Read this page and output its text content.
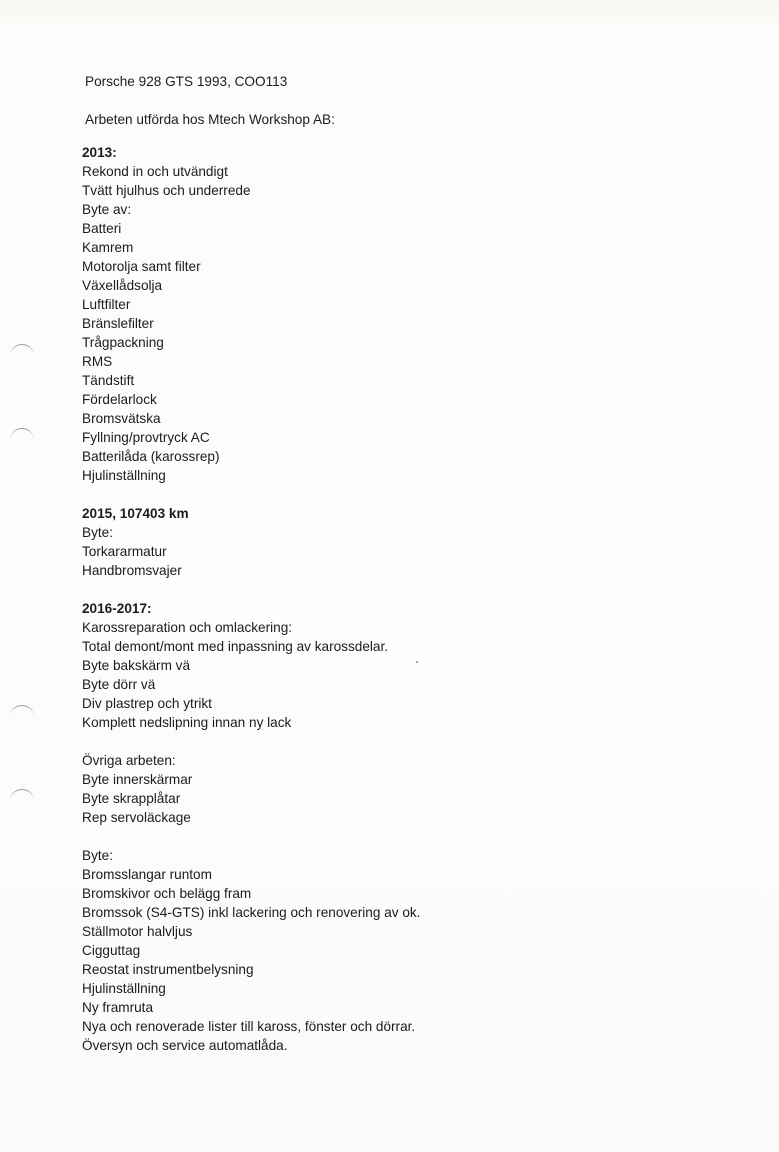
Porsche 928 GTS 1993, COO113
Arbeten utförda hos Mtech Workshop AB:
2013:
Rekond in och utvändigt
Tvätt hjulhus och underrede
Byte av:
Batteri
Kamrem
Motorolja samt filter
Växellådsolja
Luftfilter
Bränslefilter
Trågpackning
RMS
Tändstift
Fördelarlock
Bromsvätska
Fyllning/provtryck AC
Batterilåda (karossrep)
Hjulinställning
2015, 107403 km
Byte:
Torkararmatur
Handbromsvajer
2016-2017:
Karossreparation och omlackering:
Total demont/mont med inpassning av karossdelar.
Byte bakskärm vä
Byte dörr vä
Div plastrep och ytrikt
Komplett nedslipning innan ny lack
Övriga arbeten:
Byte innerskärmar
Byte skrapplåtar
Rep servoläckage
Byte:
Bromsslangar runtom
Bromskivor och belägg fram
Bromssok (S4-GTS) inkl lackering och renovering av ok.
Ställmotor halvljus
Cigguttag
Reostat instrumentbelysning
Hjulinställning
Ny framruta
Nya och renoverade lister till kaross, fönster och dörrar.
Översyn och service automatlåda.
